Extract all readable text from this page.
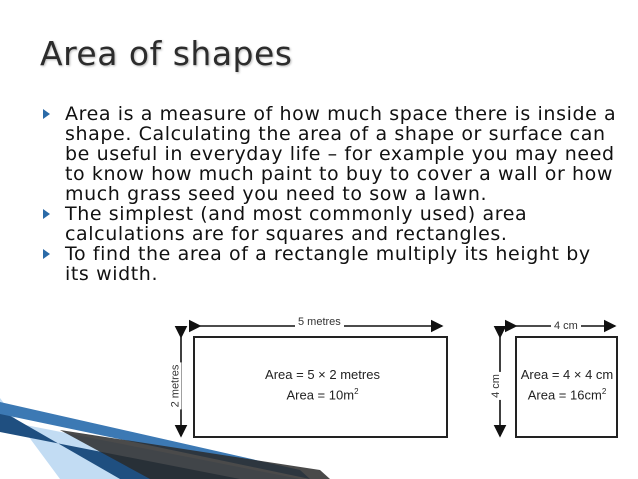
Area of shapes
Area is a measure of how much space there is inside a shape. Calculating the area of a shape or surface can be useful in everyday life – for example you may need to know how much paint to buy to cover a wall or how much grass seed you need to sow a lawn.
The simplest (and most commonly used) area calculations are for squares and rectangles.
To find the area of a rectangle multiply its height by its width.
5 metres
2 metres	Area = 5 × 2 metres
Area = $10m^2$
4 cm
4 cm Area = 4 × 4 cm
Area = $16cm^2$
